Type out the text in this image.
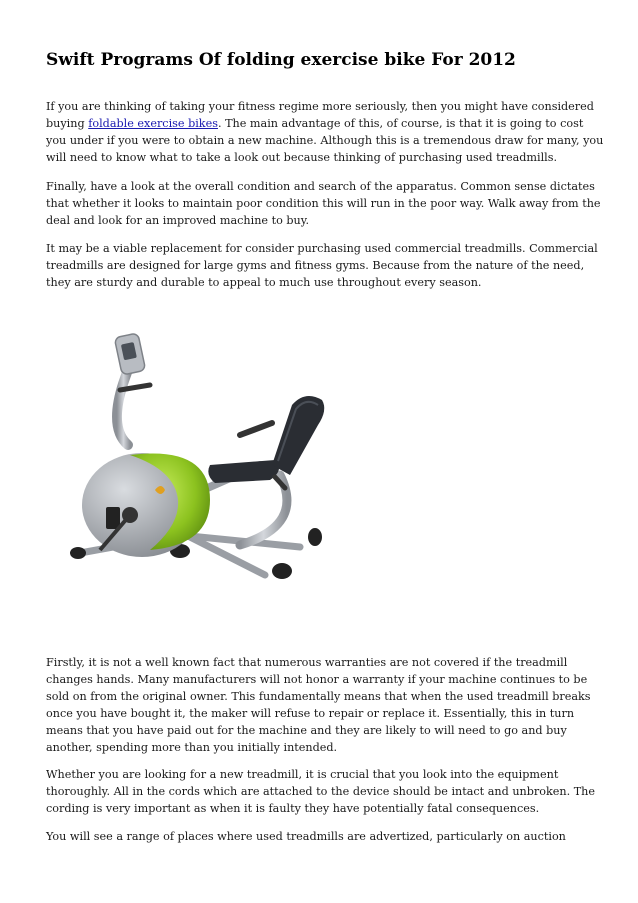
Swift Programs Of folding exercise bike For 2012

If you are thinking of taking your fitness regime more seriously, then you might have considered buying foldable exercise bikes. The main advantage of this, of course, is that it is going to cost you under if you were to obtain a new machine. Although this is a tremendous draw for many, you will need to know what to take a look out because thinking of purchasing used treadmills.

Finally, have a look at the overall condition and search of the apparatus. Common sense dictates that whether it looks to maintain poor condition this will run in the poor way. Walk away from the deal and look for an improved machine to buy.

It may be a viable replacement for consider purchasing used commercial treadmills. Commercial treadmills are designed for large gyms and fitness gyms. Because from the nature of the need, they are sturdy and durable to appeal to much use throughout every season.

Firstly, it is not a well known fact that numerous warranties are not covered if the treadmill changes hands. Many manufacturers will not honor a warranty if your machine continues to be sold on from the original owner. This fundamentally means that when the used treadmill breaks once you have bought it, the maker will refuse to repair or replace it. Essentially, this in turn means that you have paid out for the machine and they are likely to will need to go and buy another, spending more than you initially intended.

Whether you are looking for a new treadmill, it is crucial that you look into the equipment thoroughly. All in the cords which are attached to the device should be intact and unbroken. The cording is very important as when it is faulty they have potentially fatal consequences.

You will see a range of places where used treadmills are advertized, particularly on auction
